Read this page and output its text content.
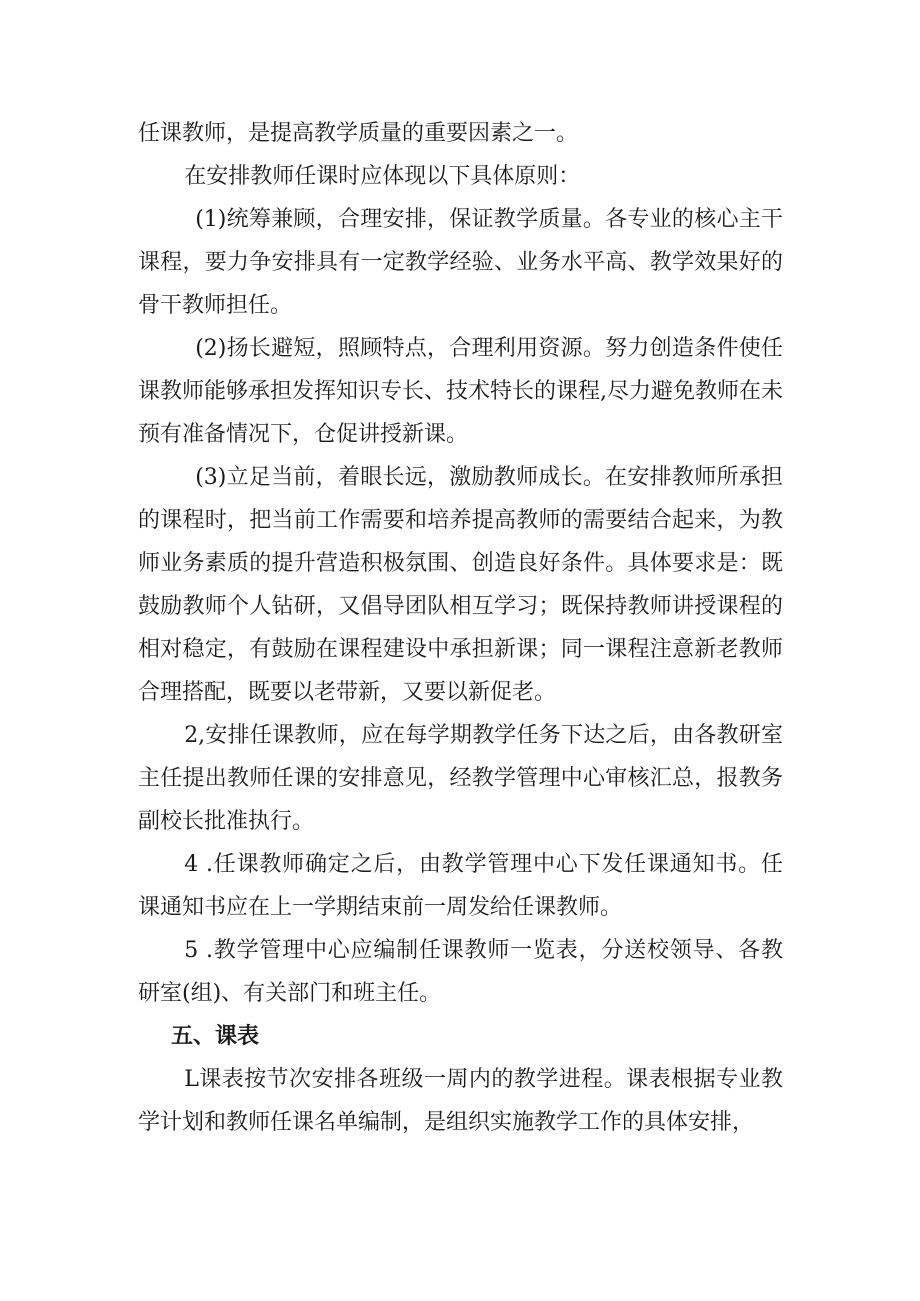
任课教师，是提高教学质量的重要因素之一。

在安排教师任课时应体现以下具体原则：

(1)统筹兼顾，合理安排，保证教学质量。各专业的核心主干课程，要力争安排具有一定教学经验、业务水平高、教学效果好的骨干教师担任。

(2)扬长避短，照顾特点，合理利用资源。努力创造条件使任课教师能够承担发挥知识专长、技术特长的课程,尽力避免教师在未预有准备情况下，仓促讲授新课。

(3)立足当前，着眼长远，激励教师成长。在安排教师所承担的课程时，把当前工作需要和培养提高教师的需要结合起来，为教师业务素质的提升营造积极氛围、创造良好条件。具体要求是：既鼓励教师个人钻研，又倡导团队相互学习；既保持教师讲授课程的相对稳定，有鼓励在课程建设中承担新课；同一课程注意新老教师合理搭配，既要以老带新，又要以新促老。

2,安排任课教师，应在每学期教学任务下达之后，由各教研室主任提出教师任课的安排意见，经教学管理中心审核汇总，报教务副校长批准执行。

4 .任课教师确定之后，由教学管理中心下发任课通知书。任课通知书应在上一学期结束前一周发给任课教师。

5 .教学管理中心应编制任课教师一览表，分送校领导、各教研室(组)、有关部门和班主任。

五、课表

L课表按节次安排各班级一周内的教学进程。课表根据专业教学计划和教师任课名单编制，是组织实施教学工作的具体安排，
